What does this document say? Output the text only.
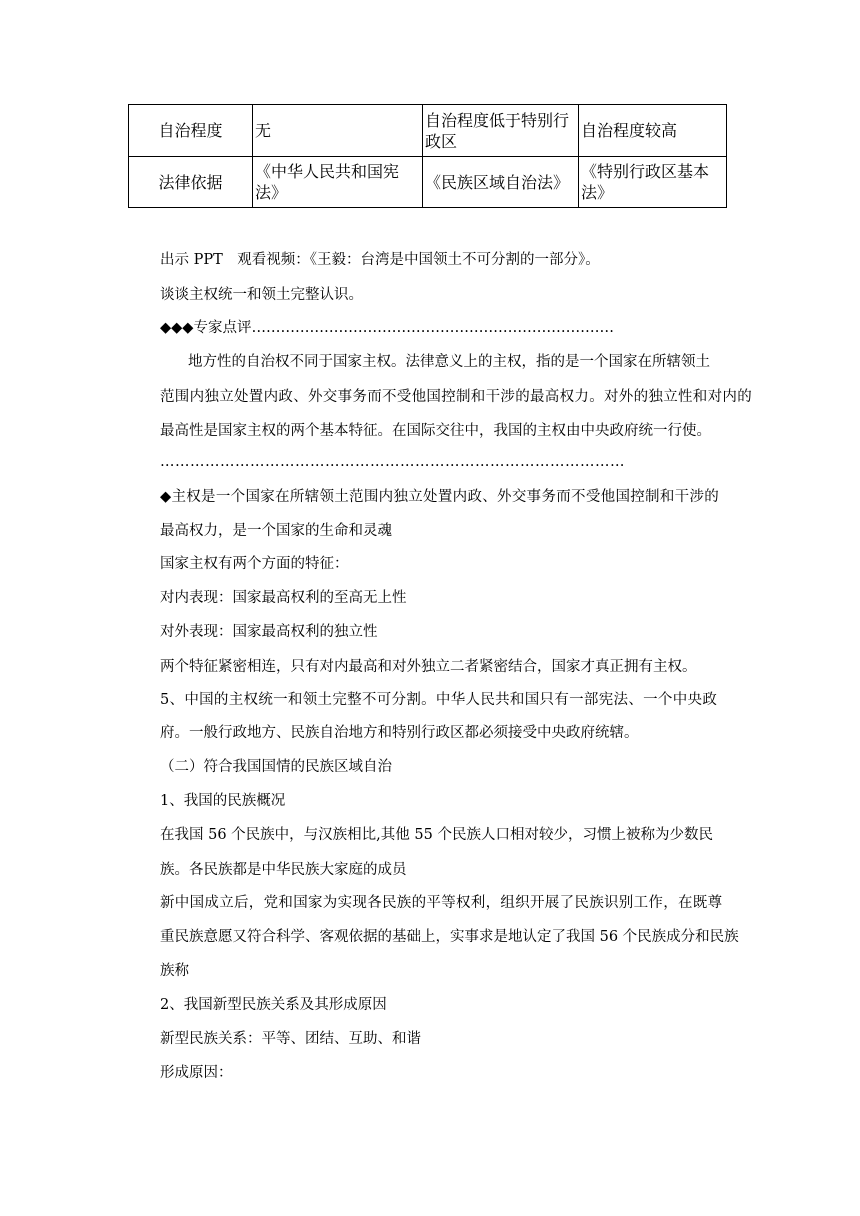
自治程度	无	自治程度低于特别行政区	自治程度较高
法律依据	《中华人民共和国宪法》	《民族区域自治法》	《特别行政区基本法》
出示 PPT　观看视频：《王毅：台湾是中国领土不可分割的一部分》。
谈谈主权统一和领土完整认识。
◆◆◆专家点评…………………………………………………………………
地方性的自治权不同于国家主权。法律意义上的主权，指的是一个国家在所辖领土
范围内独立处置内政、外交事务而不受他国控制和干涉的最高权力。对外的独立性和对内的
最高性是国家主权的两个基本特征。在国际交往中，我国的主权由中央政府统一行使。
…………………………………………………………………………………
◆主权是一个国家在所辖领土范围内独立处置内政、外交事务而不受他国控制和干涉的
最高权力，是一个国家的生命和灵魂
国家主权有两个方面的特征：
对内表现：国家最高权利的至高无上性
对外表现：国家最高权利的独立性
两个特征紧密相连，只有对内最高和对外独立二者紧密结合，国家才真正拥有主权。
5、中国的主权统一和领土完整不可分割。中华人民共和国只有一部宪法、一个中央政
府。一般行政地方、民族自治地方和特别行政区都必须接受中央政府统辖。
（二）符合我国国情的民族区域自治
1、我国的民族概况
在我国 56 个民族中，与汉族相比,其他 55 个民族人口相对较少，习惯上被称为少数民
族。各民族都是中华民族大家庭的成员
新中国成立后，党和国家为实现各民族的平等权利，组织开展了民族识别工作，在既尊
重民族意愿又符合科学、客观依据的基础上，实事求是地认定了我国 56 个民族成分和民族
族称
2、我国新型民族关系及其形成原因
新型民族关系：平等、团结、互助、和谐
形成原因：
